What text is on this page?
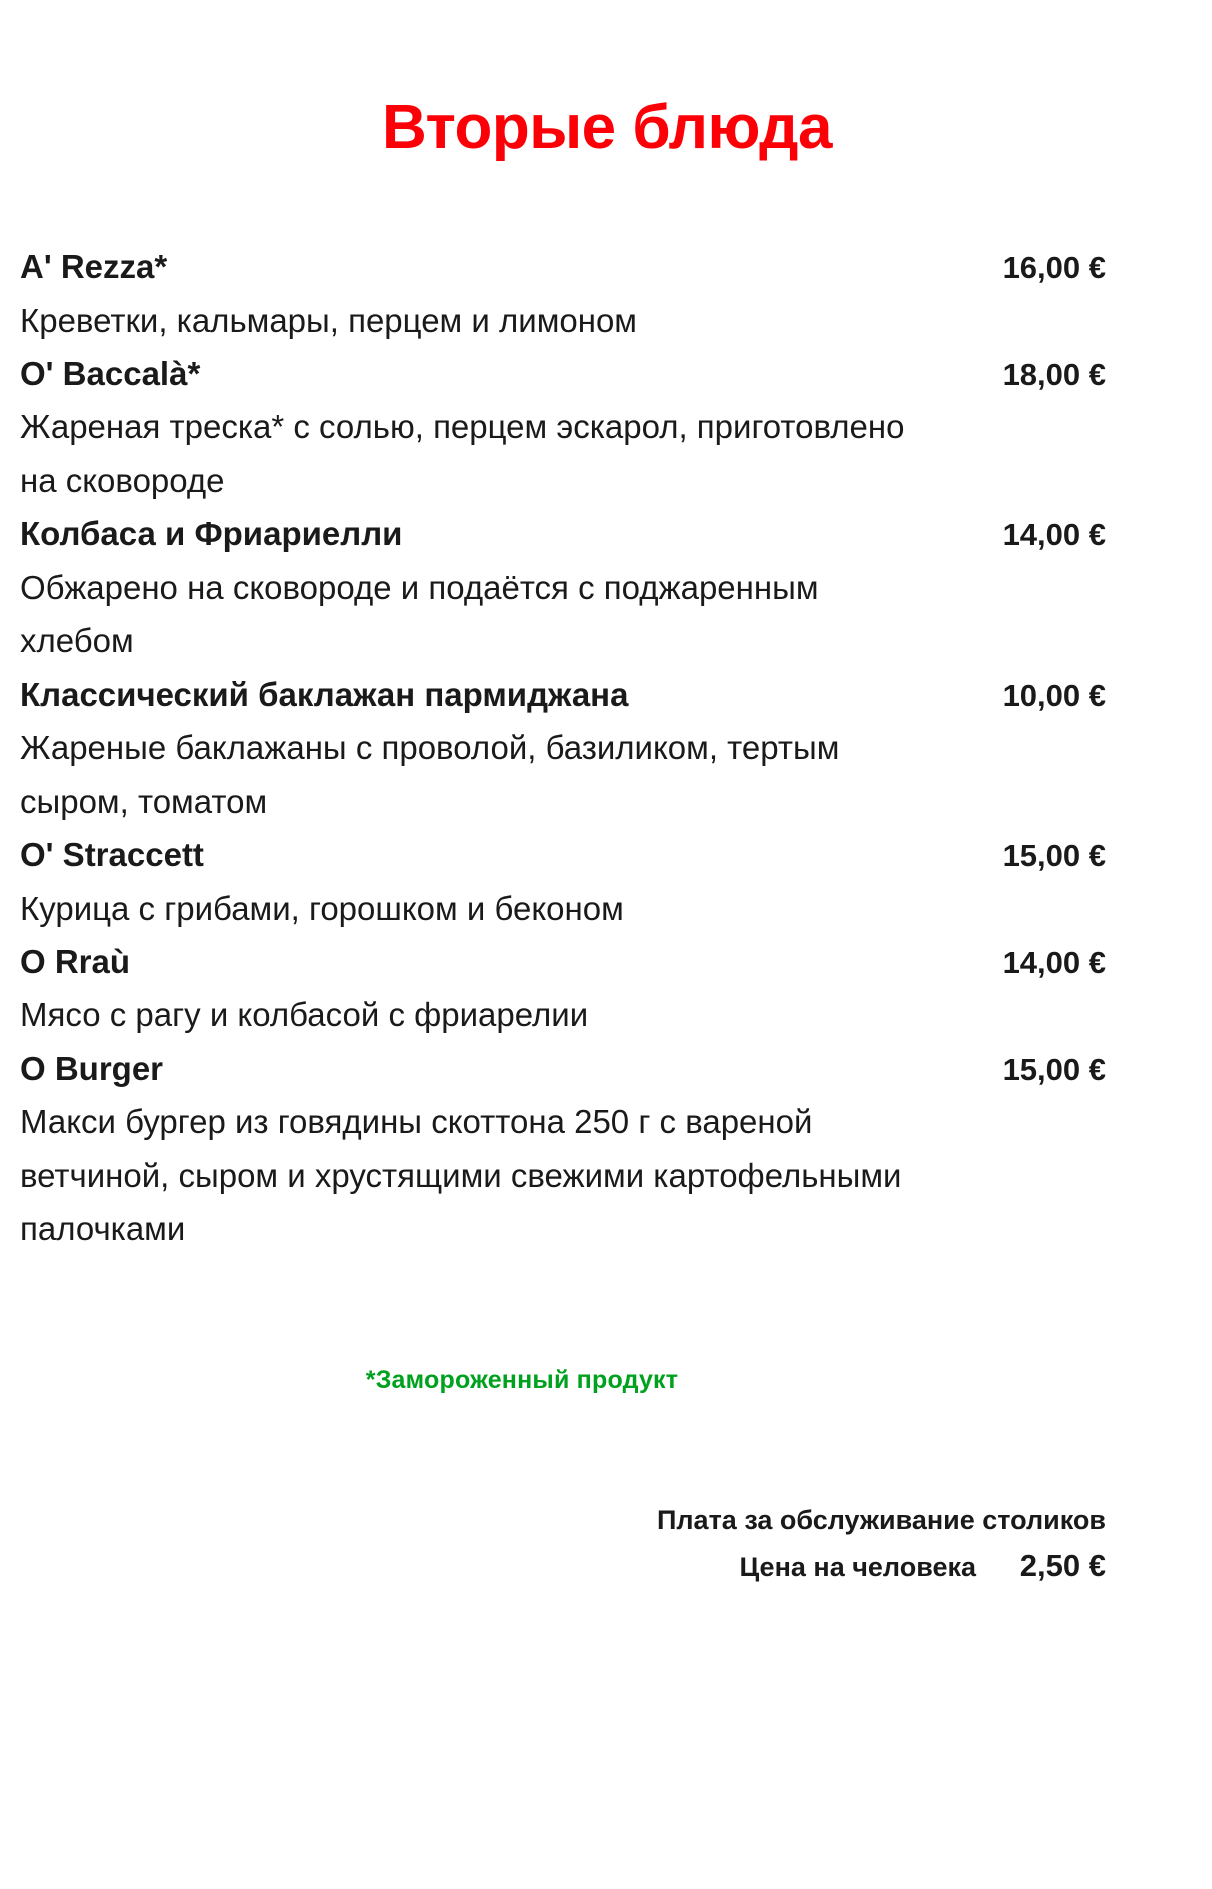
Вторые блюда
A' Rezza*	16,00 €

Креветки, кальмары, перцем и лимоном

O' Baccalà*	18,00 €

Жареная треска* с солью, перцем эскарол, приготовлено на сковороде

Колбаса и Фриариелли	14,00 €

Обжарено на сковороде и подаётся с поджаренным хлебом

Классический баклажан пармиджана	10,00 €

Жареные баклажаны с проволой, базиликом, тертым сыром, томатом

O' Straccett	15,00 €

Курица с грибами, горошком и беконом

O Rraù	14,00 €

Мясо с рагу и колбасой с фриарелии

O Burger	15,00 €

Макси бургер из говядины скоттона 250 г с вареной ветчиной, сыром и хрустящими свежими картофельными палочками

*Замороженный продукт
Плата за обслуживание столиков
Цена на человека	2,50 €
